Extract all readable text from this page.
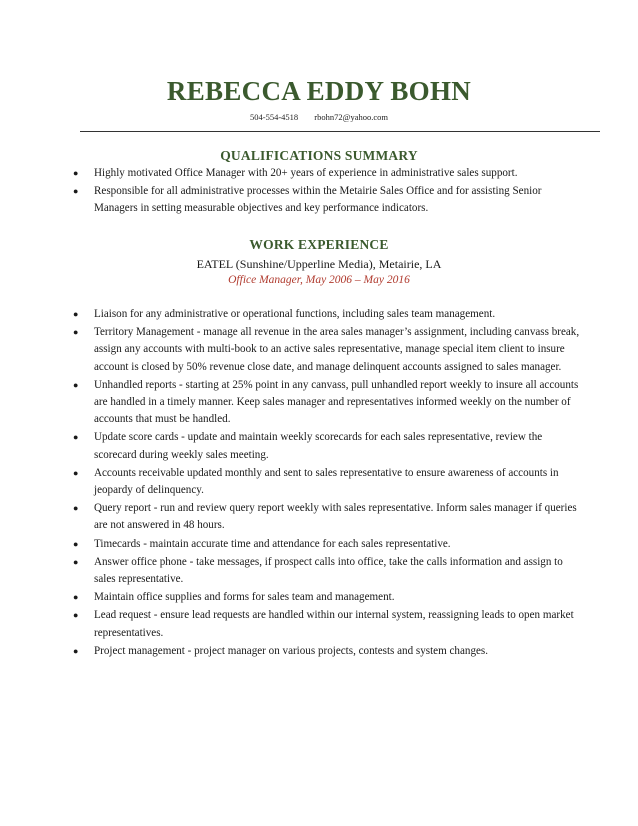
REBECCA EDDY BOHN
504-554-4518 rbohn72@yahoo.com
QUALIFICATIONS SUMMARY
● Highly motivated Office Manager with 20+ years of experience in administrative sales support.
● Responsible for all administrative processes within the Metairie Sales Office and for assisting Senior Managers in setting measurable objectives and key performance indicators.
WORK EXPERIENCE
EATEL (Sunshine/Upperline Media), Metairie, LA
Office Manager, May 2006 – May 2016
● Liaison for any administrative or operational functions, including sales team management.
● Territory Management - manage all revenue in the area sales manager’s assignment, including canvass break, assign any accounts with multi-book to an active sales representative, manage special item client to insure account is closed by 50% revenue close date, and manage delinquent accounts assigned to sales manager.
● Unhandled reports - starting at 25% point in any canvass, pull unhandled report weekly to insure all accounts are handled in a timely manner. Keep sales manager and representatives informed weekly on the number of accounts that must be handled.
● Update score cards - update and maintain weekly scorecards for each sales representative, review the scorecard during weekly sales meeting.
● Accounts receivable updated monthly and sent to sales representative to ensure awareness of accounts in jeopardy of delinquency.
● Query report - run and review query report weekly with sales representative. Inform sales manager if queries are not answered in 48 hours.
● Timecards - maintain accurate time and attendance for each sales representative.
● Answer office phone - take messages, if prospect calls into office, take the calls information and assign to sales representative.
● Maintain office supplies and forms for sales team and management.
● Lead request - ensure lead requests are handled within our internal system, reassigning leads to open market representatives.
● Project management - project manager on various projects, contests and system changes.
